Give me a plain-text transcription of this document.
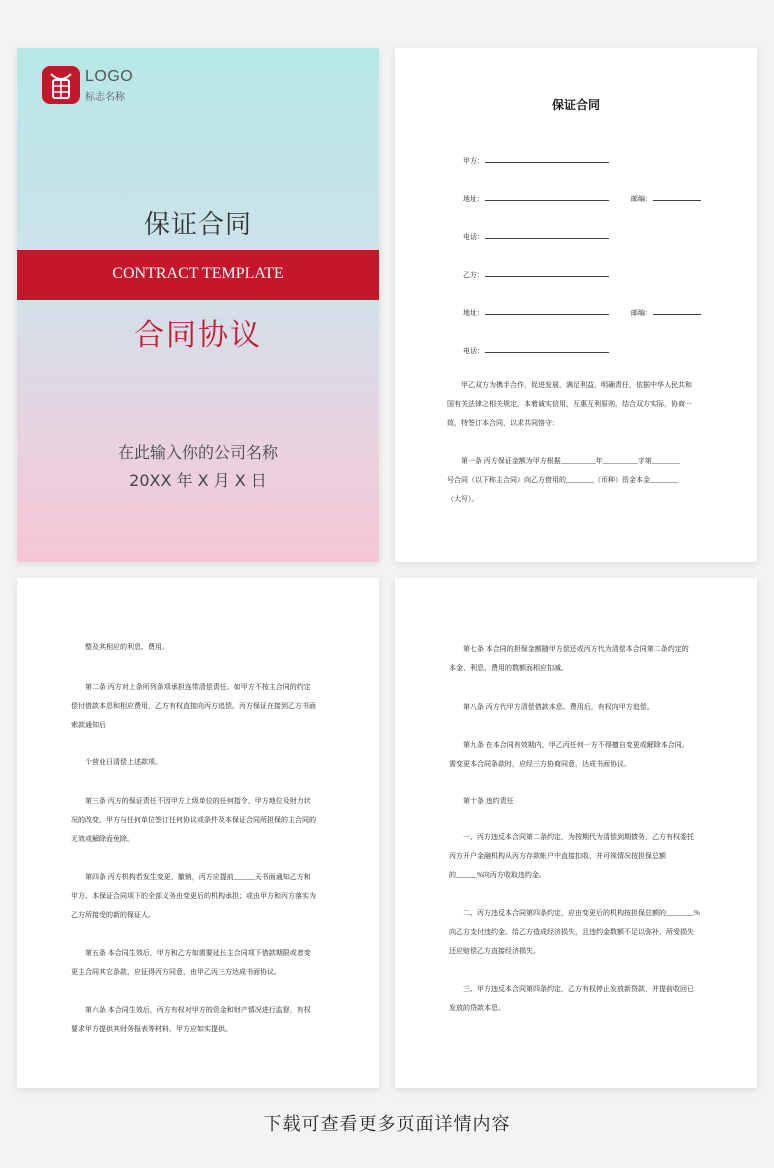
LOGO
标志名称
保证合同
CONTRACT TEMPLATE
合同协议
在此输入你的公司名称
20XX 年 X 月 X 日
保证合同
甲方：
地址：	邮编：
电话：
乙方：
地址：	邮编：
电话：
甲乙双方为携手合作，促进发展，满足利益，明确责任，依据中华人民共和
国有关法律之相关规定，本着诚实信用，互惠互利原则，结合双方实际，协商一
致，特签订本合同，以求共同恪守：
第一条 丙方保证金额为甲方根据__________年__________字第________
号合同（以下称主合同）向乙方借用的________（币种）资金本金________
（大写）。
整及其相应的利息、费用。
第二条 丙方对上条所列条项承担连带清偿责任。如甲方不按主合同的约定
偿付借款本息和相应费用，乙方有权直接向丙方追偿。丙方保证在接到乙方书面
索款通知后
个营业日清偿上述款项。
第三条 丙方的保证责任不因甲方上级单位的任何指令、甲方地位及财力状
况的改变、甲方与任何单位签订任何协议或条件及本保证合同所担保的主合同的
无效或解除而免除。
第四条 丙方机构若发生变更、撤销，丙方应提前______天书面通知乙方和
甲方。本保证合同项下的全部义务由变更后的机构承担；或由甲方和丙方落实为
乙方所接受的新的保证人。
第五条 本合同生效后，甲方和乙方如需要延长主合同项下借款期限或者变
更主合同其它条款，应征得丙方同意，由甲乙丙三方达成书面协议。
第六条 本合同生效后，丙方有权对甲方的资金和财产情况进行监督，有权
要求甲方提供其财务报表等材料，甲方应如实提供。
第七条 本合同的担保金额随甲方偿还或丙方代为清偿本合同第二条约定的
本金、利息、费用的数额而相应扣减。
第八条 丙方代甲方清偿借款本息、费用后，有权向甲方追偿。
第九条 在本合同有效期内，甲乙丙任何一方不得擅自变更或解除本合同。
需变更本合同条款时，应经三方协商同意，达成书面协议。
第十条 违约责任
一、丙方违反本合同第二条约定，为按期代为清偿到期债务，乙方有权委托
丙方开户金融机构从丙方存款帐户中直接扣收，并可视情况按担保总额
的______%向丙方收取违约金。
二、丙方违反本合同第四条约定，应由变更后的机构按担保总额的________%
向乙方支付违约金。给乙方造成经济损失，且违约金数额不足以弥补，所受损失
还应赔偿乙方直接经济损失。
三、甲方违反本合同第四条约定，乙方有权停止发放新贷款，并提前收回已
发放的贷款本息。
下载可查看更多页面详情内容
